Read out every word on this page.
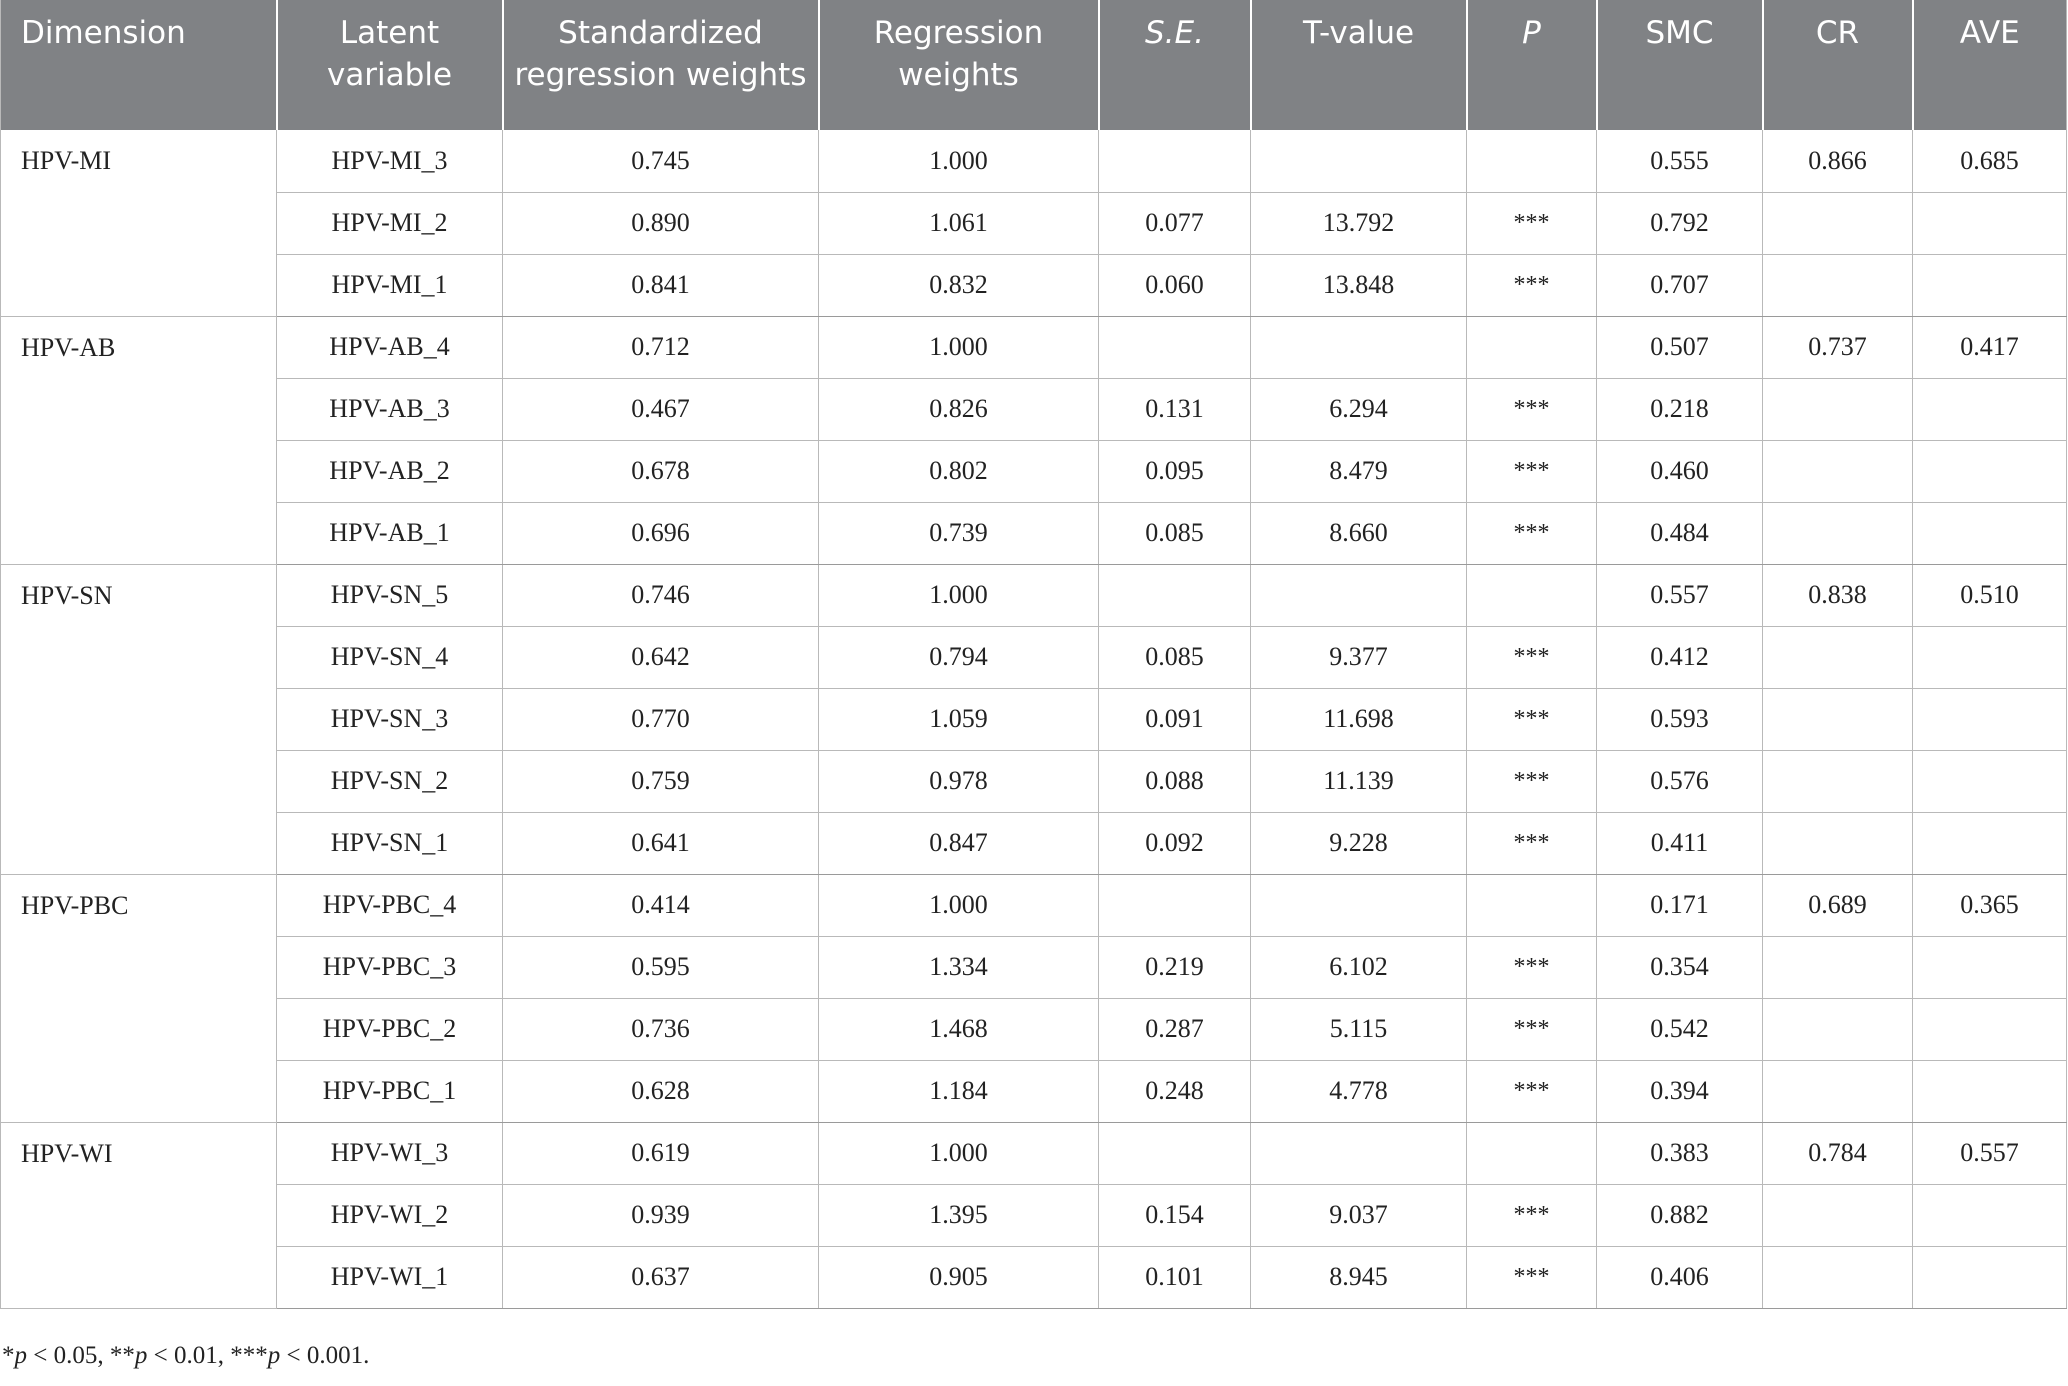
Dimension	Latent variable	Standardized regression weights	Regression weights	S.E.	T-value	P	SMC	CR	AVE
HPV-MI	HPV-MI_3	0.745	1.000				0.555	0.866	0.685
	HPV-MI_2	0.890	1.061	0.077	13.792	***	0.792		
	HPV-MI_1	0.841	0.832	0.060	13.848	***	0.707		
HPV-AB	HPV-AB_4	0.712	1.000				0.507	0.737	0.417
	HPV-AB_3	0.467	0.826	0.131	6.294	***	0.218		
	HPV-AB_2	0.678	0.802	0.095	8.479	***	0.460		
	HPV-AB_1	0.696	0.739	0.085	8.660	***	0.484		
HPV-SN	HPV-SN_5	0.746	1.000				0.557	0.838	0.510
	HPV-SN_4	0.642	0.794	0.085	9.377	***	0.412		
	HPV-SN_3	0.770	1.059	0.091	11.698	***	0.593		
	HPV-SN_2	0.759	0.978	0.088	11.139	***	0.576		
	HPV-SN_1	0.641	0.847	0.092	9.228	***	0.411		
HPV-PBC	HPV-PBC_4	0.414	1.000				0.171	0.689	0.365
	HPV-PBC_3	0.595	1.334	0.219	6.102	***	0.354		
	HPV-PBC_2	0.736	1.468	0.287	5.115	***	0.542		
	HPV-PBC_1	0.628	1.184	0.248	4.778	***	0.394		
HPV-WI	HPV-WI_3	0.619	1.000				0.383	0.784	0.557
	HPV-WI_2	0.939	1.395	0.154	9.037	***	0.882		
	HPV-WI_1	0.637	0.905	0.101	8.945	***	0.406		
*p < 0.05, **p < 0.01, ***p < 0.001.
